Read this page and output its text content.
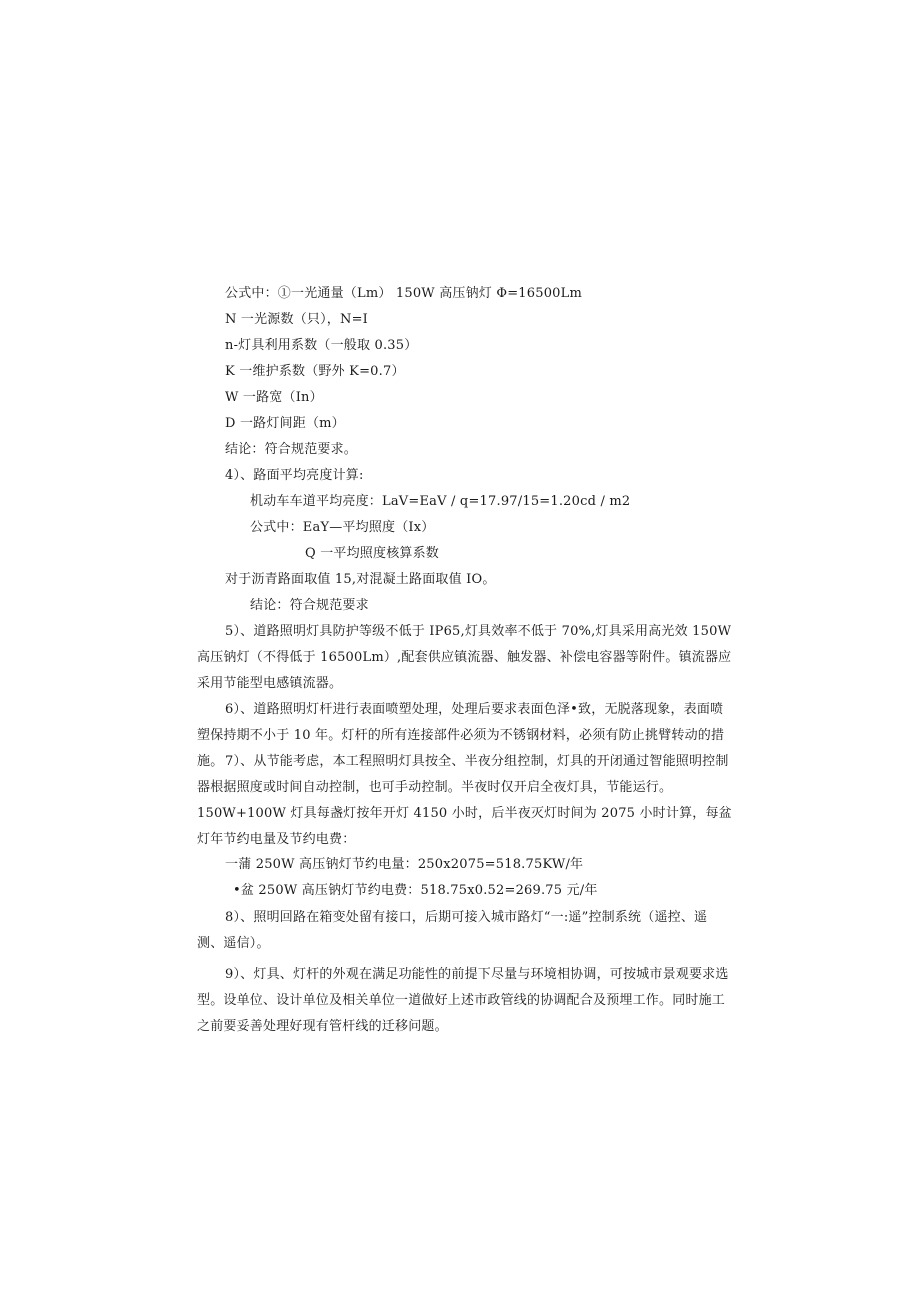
公式中：①一光通量（Lm） 150W 高压钠灯 Φ=16500Lm
N 一光源数（只），N=I
n-灯具利用系数（一般取 0.35）
K 一维护系数（野外 K=0.7）
W 一路宽（In）
D 一路灯间距（m）
结论：符合规范要求。
4）、路面平均亮度计算:
机动车车道平均亮度：LaV=EaV / q=17.97/15=1.20cd / m2
公式中：EaY—平均照度（Ix）
Q 一平均照度核算系数
对于沥青路面取值 15,对混凝土路面取值 IO。
结论：符合规范要求
5）、道路照明灯具防护等级不低于 IP65,灯具效率不低于 70%,灯具采用高光效 150W 高压钠灯（不得低于 16500Lm）,配套供应镇流器、触发器、补偿电容器等附件。镇流器应采用节能型电感镇流器。
6）、道路照明灯杆进行表面喷塑处理，处理后要求表面色泽•致，无脱落现象，表面喷塑保持期不小于 10 年。灯杆的所有连接部件必须为不锈钢材料，必须有防止挑臂转动的措施。 7）、从节能考虑，本工程照明灯具按全、半夜分组控制，灯具的开闭通过智能照明控制器根据照度或时间自动控制，也可手动控制。半夜时仅开启全夜灯具，节能运行。150W+100W 灯具每盏灯按年开灯 4150 小时，后半夜灭灯时间为 2075 小时计算，每盆灯年节约电量及节约电费：
一蒲 250W 高压钠灯节约电量：250x2075=518.75KW/年
•盆 250W 高压钠灯节约电费：518.75x0.52=269.75 元/年
8）、照明回路在箱变处留有接口，后期可接入城市路灯“一:遥”控制系统（遥控、遥测、遥信）。
9）、灯具、灯杆的外观在满足功能性的前提下尽量与环境相协调，可按城市景观要求选型。设单位、设计单位及相关单位一道做好上述市政管线的协调配合及预埋工作。同时施工之前要妥善处理好现有管杆线的迁移问题。
